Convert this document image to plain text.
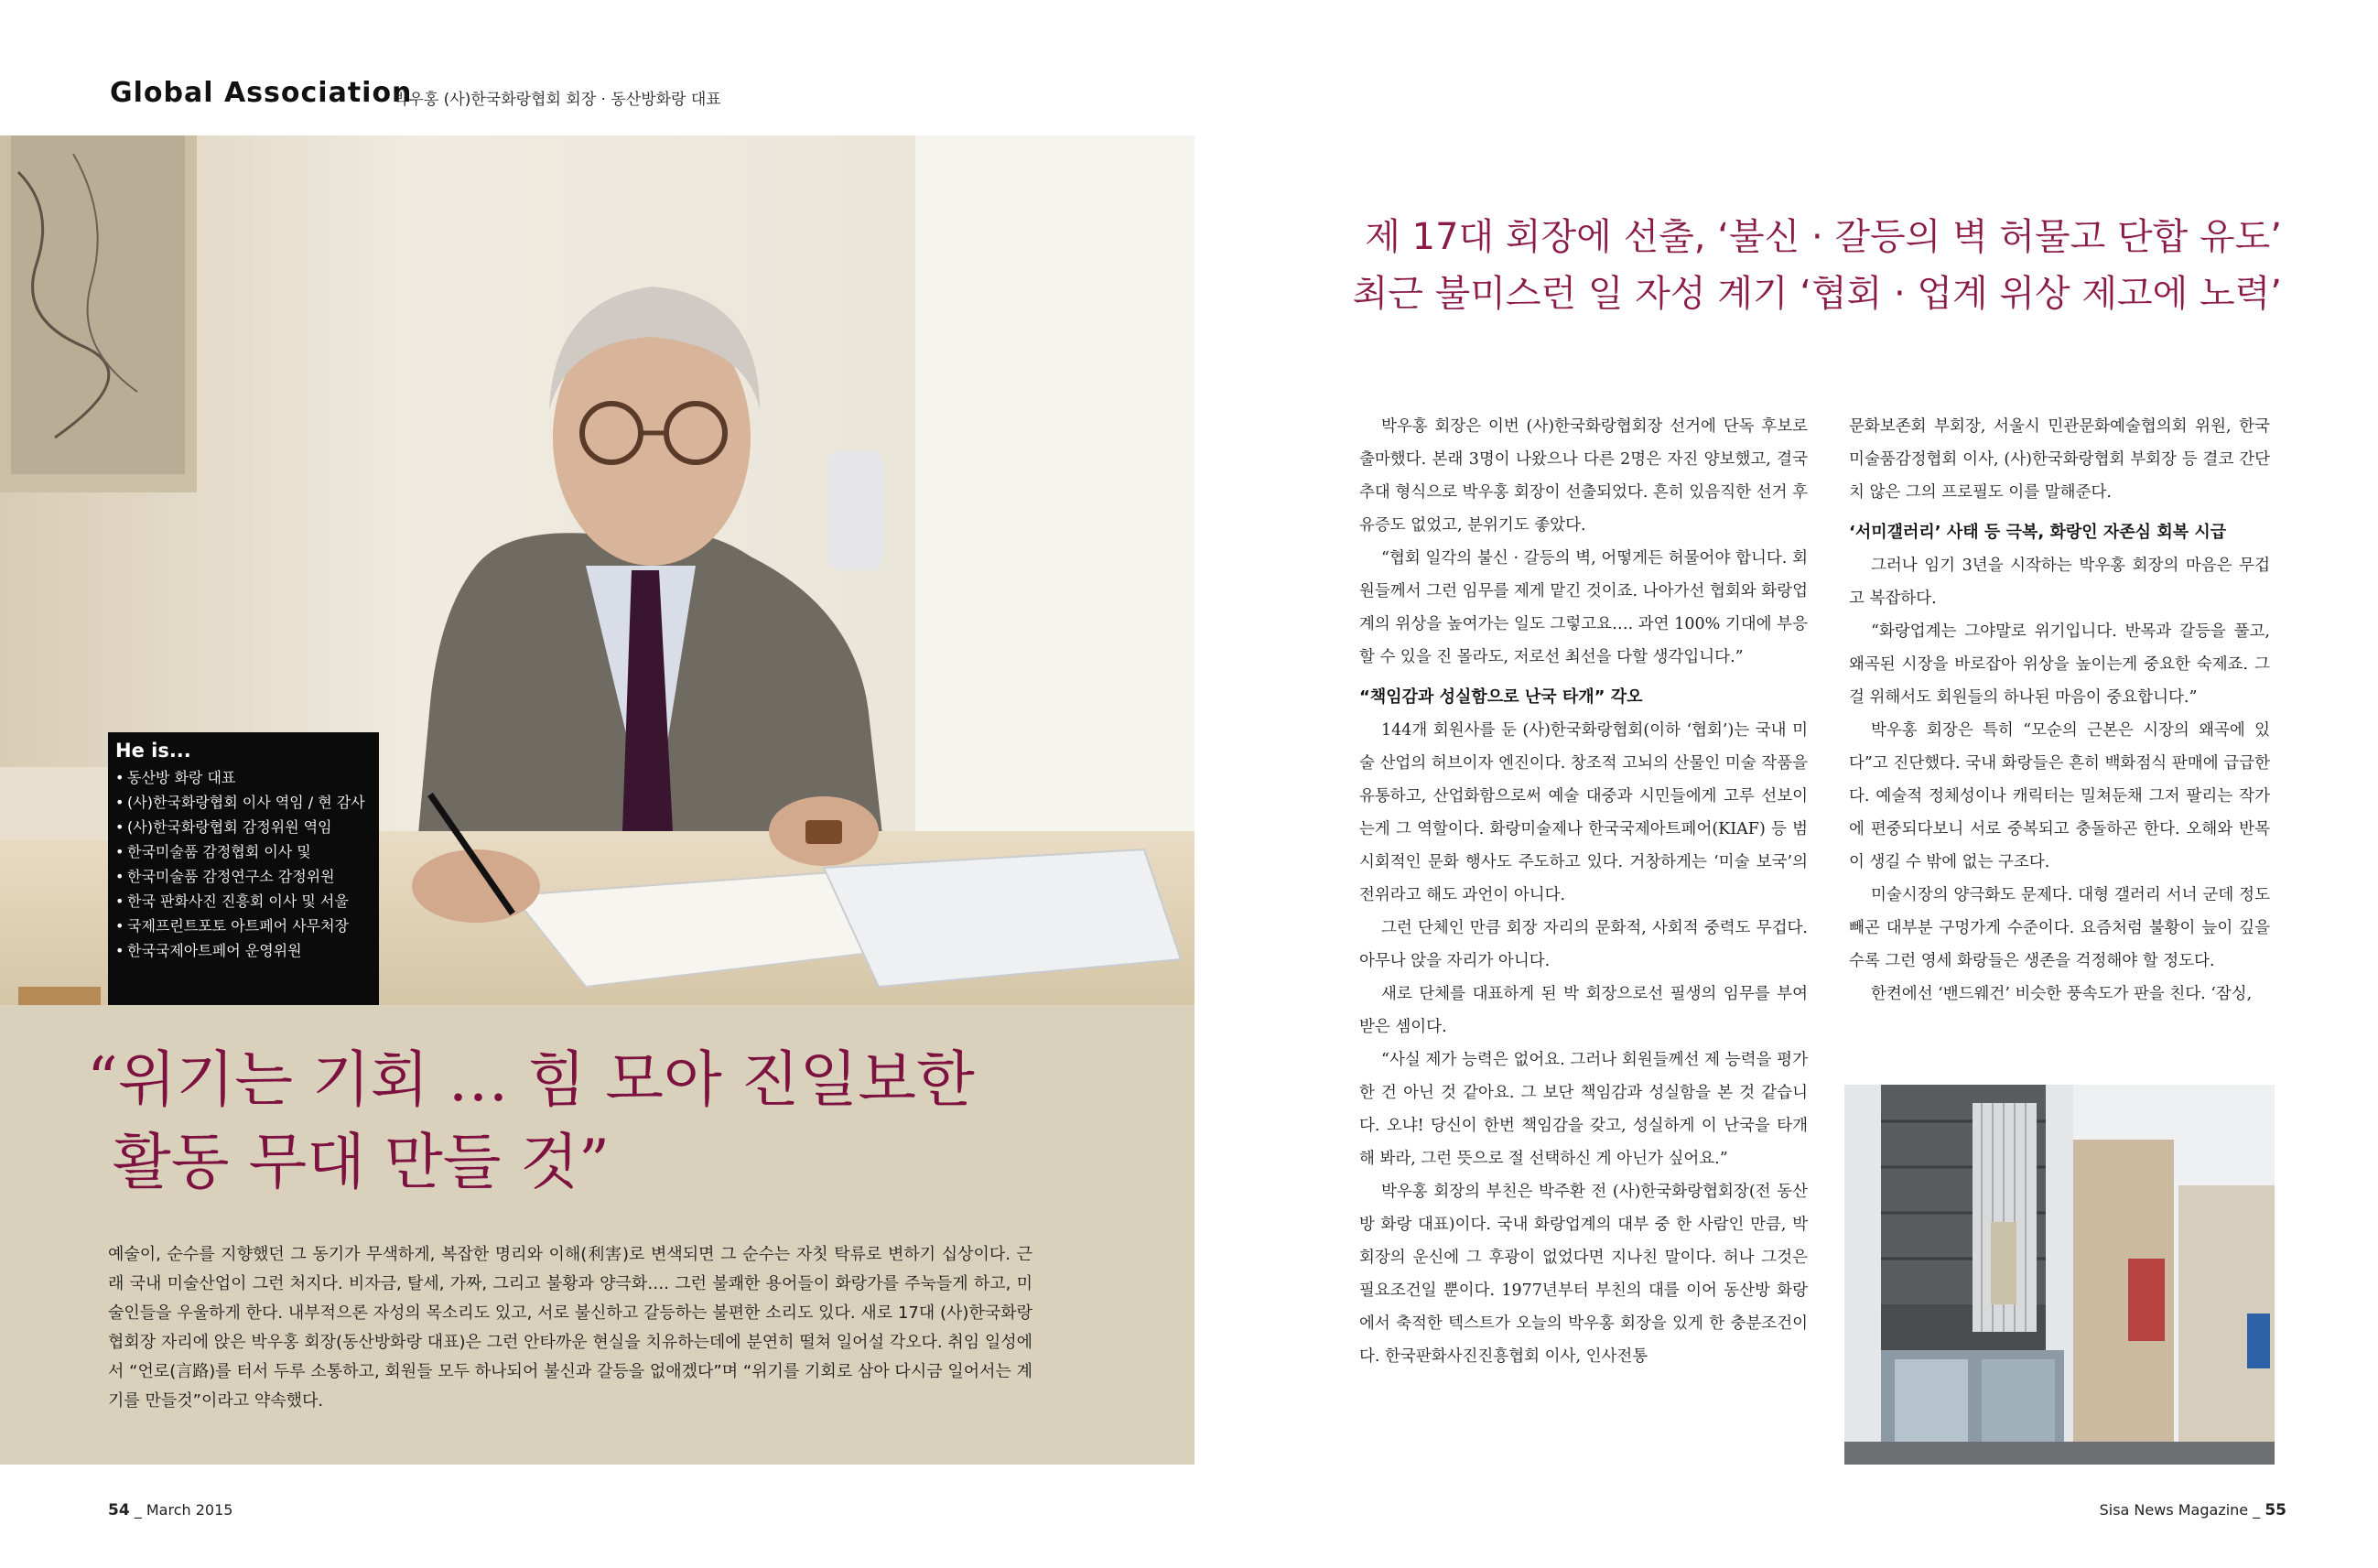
Global Association
박우홍 (사)한국화랑협회 회장 · 동산방화랑 대표
He is...
• 동산방 화랑 대표
• (사)한국화랑협회 이사 역임 / 현 감사
• (사)한국화랑협회 감정위원 역임
• 한국미술품 감정협회 이사 및
• 한국미술품 감정연구소 감정위원
• 한국 판화사진 진흥회 이사 및 서울
• 국제프린트포토 아트페어 사무처장
• 한국국제아트페어 운영위원
“위기는 기회 … 힘 모아 진일보한
활동 무대 만들 것”
예술이, 순수를 지향했던 그 동기가 무색하게, 복잡한 명리와 이해(利害)로 변색되면 그 순수는 자칫 탁류로 변하기 십상이다. 근래 국내 미술산업이 그런 처지다. 비자금, 탈세, 가짜, 그리고 불황과 양극화…. 그런 불쾌한 용어들이 화랑가를 주눅들게 하고, 미술인들을 우울하게 한다. 내부적으론 자성의 목소리도 있고, 서로 불신하고 갈등하는 불편한 소리도 있다. 새로 17대 (사)한국화랑협회장 자리에 앉은 박우홍 회장(동산방화랑 대표)은 그런 안타까운 현실을 치유하는데에 분연히 떨쳐 일어설 각오다. 취임 일성에서 “언로(言路)를 터서 두루 소통하고, 회원들 모두 하나되어 불신과 갈등을 없애겠다”며 “위기를 기회로 삼아 다시금 일어서는 계기를 만들것”이라고 약속했다.
54 _ March 2015
제 17대 회장에 선출, ‘불신 · 갈등의 벽 허물고 단합 유도’
최근 불미스런 일 자성 계기 ‘협회 · 업계 위상 제고에 노력’

박우홍 회장은 이번 (사)한국화랑협회장 선거에 단독 후보로 출마했다. 본래 3명이 나왔으나 다른 2명은 자진 양보했고, 결국 추대 형식으로 박우홍 회장이 선출되었다. 흔히 있음직한 선거 후유증도 없었고, 분위기도 좋았다.

“협회 일각의 불신 · 갈등의 벽, 어떻게든 허물어야 합니다. 회원들께서 그런 임무를 제게 맡긴 것이죠. 나아가선 협회와 화랑업계의 위상을 높여가는 일도 그렇고요…. 과연 100% 기대에 부응할 수 있을 진 몰라도, 저로선 최선을 다할 생각입니다.”

“책임감과 성실함으로 난국 타개” 각오

144개 회원사를 둔 (사)한국화랑협회(이하 ‘협회’)는 국내 미술 산업의 허브이자 엔진이다. 창조적 고뇌의 산물인 미술 작품을 유통하고, 산업화함으로써 예술 대중과 시민들에게 고루 선보이는게 그 역할이다. 화랑미술제나 한국국제아트페어(KIAF) 등 범시회적인 문화 행사도 주도하고 있다. 거창하게는 ‘미술 보국’의 전위라고 해도 과언이 아니다.

그런 단체인 만큼 회장 자리의 문화적, 사회적 중력도 무겁다. 아무나 앉을 자리가 아니다.

새로 단체를 대표하게 된 박 회장으로선 필생의 임무를 부여받은 셈이다.

“사실 제가 능력은 없어요. 그러나 회원들께선 제 능력을 평가한 건 아닌 것 같아요. 그 보단 책임감과 성실함을 본 것 같습니다. 오냐! 당신이 한번 책임감을 갖고, 성실하게 이 난국을 타개해 봐라, 그런 뜻으로 절 선택하신 게 아닌가 싶어요.”

박우홍 회장의 부친은 박주환 전 (사)한국화랑협회장(전 동산방 화랑 대표)이다. 국내 화랑업계의 대부 중 한 사람인 만큼, 박 회장의 운신에 그 후광이 없었다면 지나친 말이다. 허나 그것은 필요조건일 뿐이다. 1977년부터 부친의 대를 이어 동산방 화랑에서 축적한 텍스트가 오늘의 박우홍 회장을 있게 한 충분조건이다. 한국판화사진진흥협회 이사, 인사전통

문화보존회 부회장, 서울시 민관문화예술협의회 위원, 한국미술품감정협회 이사, (사)한국화랑협회 부회장 등 결코 간단치 않은 그의 프로필도 이를 말해준다.

‘서미갤러리’ 사태 등 극복, 화랑인 자존심 회복 시급

그러나 임기 3년을 시작하는 박우홍 회장의 마음은 무겁고 복잡하다.

“화랑업계는 그야말로 위기입니다. 반목과 갈등을 풀고, 왜곡된 시장을 바로잡아 위상을 높이는게 중요한 숙제죠. 그걸 위해서도 회원들의 하나된 마음이 중요합니다.”

박우홍 회장은 특히 “모순의 근본은 시장의 왜곡에 있다”고 진단했다. 국내 화랑들은 흔히 백화점식 판매에 급급한다. 예술적 정체성이나 캐릭터는 밀쳐둔채 그저 팔리는 작가에 편중되다보니 서로 중복되고 충돌하곤 한다. 오해와 반목이 생길 수 밖에 없는 구조다.

미술시장의 양극화도 문제다. 대형 갤러리 서너 군데 정도 빼곤 대부분 구멍가게 수준이다. 요즘처럼 불황이 늪이 깊을수록 그런 영세 화랑들은 생존을 걱정해야 할 정도다.

한켠에선 ‘밴드웨건’ 비슷한 풍속도가 판을 친다. ‘잠싱,

Sisa News Magazine _ 55
